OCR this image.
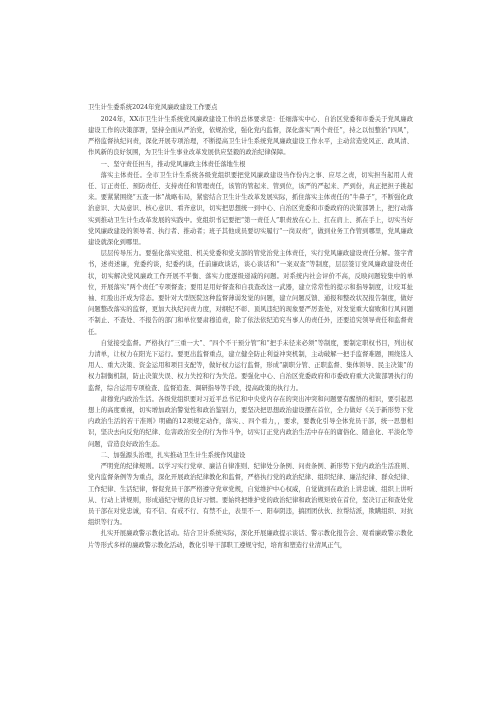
卫生计生委系统2024年党风廉政建设工作要点

2024年，XX市卫生计生系统党风廉政建设工作的总体要求是：任细落实中心、自治区党委和市委关于党风廉政建设工作的决策部署，坚持全面从严治党，依规治党，强化党内监督，深化落实“两个责任”，持之以恒整治“四风”，严格监督执纪问责，深化开展专项治理，不断提高卫生计生系统党风廉政建设工作水平，主动营造党风正、政风清、作风新的良好氛围，为卫生计生事业改革发展供应坚毅的政治纪律保障。

一、坚守责任担当，推动党风廉政主体责任落地生根

落实主体责任。全市卫生计生系统各级党组织要把党风廉政建设当作份内之事、应尽之责，切实担当起用人责任、订正责任、预防责任、支持责任和管理责任，该管的管起来、管到位，该严的严起来、严到份，真正把担子挑起来。要紧紧围绕“五查一体”战略布局，紧密结合卫生计生改革发展实际，抓住落实主体责任的“牛鼻子”，不断强化政治意识、大局意识、核心意识、看齐意识，切实把思想统一到中心、自治区党委和市委政府的决策部署上，把行动落实到推动卫生计生改革发展的实践中。党组织书记要把“第一责任人”职责放在心上、扛在肩上、抓在手上，切实当好党风廉政建设的领导者、执行者、推动者；班子其他成员要切实履行“一岗双责”，做到业务工作管到哪里，党风廉政建设就深化到哪里。

层层传导压力。要强化落实党组、机关党委和党支部的管党治党主体责任，实行党风廉政建设责任分解。签字背书，述责述廉，党委约谈，纪委约谈，任前廉政谈话，谈心谈话和“一案双查”等制度，层层签订党风廉政建设责任状，切实解决党风廉政工作开展不平衡、落实力度逐级递减的问题。对系统内社会评价不高，反映问题较集中的单位，开展落实“两个责任”专项督查；要用足用好督查和自我查改这一武器，建立常常性的提示和指导制度，让咬耳扯袖、红脸出汗成为常态。要针对大型医院这种监督薄弱发觉的问题，建立问题反馈、通报和整改状况报告制度，做好问题整改落实的监督，更加大执纪问责力度，对纲纪不彰、顶风违纪的现象要严厉查处，对发觉重大腐败和行风问题不制止、不查处、不报告的部门和单位要肃穆追责，除了依法依纪追究当事人的责任外，还要追究领导责任和监督责任。

自觉接受监督。严格执行“三重一大”、“四个不干预分管”和“把手未径来必须”等制度，要制定职权书目，列出权力清单，让权力在阳光下运行。要更出监督重点，建立健全防止利益冲突机制，主动破解一把手监督难题，围绕选人用人、重大决策、资金运用和项目支配等，做好权力运行监督，形成“副职分管、正职监督、集体领导、民主决策”的权力制衡机制，防止决策失误、权力失控和行为失范。要强化中心、自治区党委政府和市委政府重大决策部署执行的监督，综合运用专项检查、监督追查、调研指导等手段，提高政策的执行力。

肃穆党内政治生活。各级党组织要对习近平总书记和中央党内存在的突出冲突和问题要有醒悟的相识，要引起思想上的高度重视，切实增加政治警觉性和政治鉴别力，要坚决把思想政治建设摆在首位，全力做好《关于新形势下党内政治生活的若干准则》明确的12项规定动作，落实、、四个看力，，要求，要教化引导全体党员干部，统一思想相识，坚决去向反党的纪律、危害政治安全的行为作斗争，切实订正党内政治生活中存在的庸俗化、随意化、平淡化等问题，营造良好政治生态。

二、加强源头治理，扎实推动卫生计生系统作风建设

严明党的纪律规则。以学习实行党章、廉洁自律准则、纪律处分条例、问责条例、新形势下党内政治生活准则、党内监督条例等为重点，深化开展政治纪律教化和监督，严格执行党的政治纪律、组织纪律、廉洁纪律、群众纪律、工作纪律、生活纪律，督促党员干部严格遵守党章党规，自觉维护中心权威，自觉做到在政治上讲忠诚、组织上讲听从、行动上讲规则，形成通纪守规的良好习惯。要始终把维护党的政治纪律和政治规矩放在首位，坚决订正和查处党员干部在对党忠诚，有不信、有戒不行、有禁不止，表里不一、阳奉阴违，搞团团伙伙、拉帮结派，欺瞒组织、对抗组织等行为。

扎实开展廉政警示教化活动。结合卫计系统实际，深化开展廉政提示谈话、警示教化报告会、观看廉政警示教化片等形式多样的廉政警示教化活动，教化引导干部职工遵规守纪，培育和塑造行业清风正气，
